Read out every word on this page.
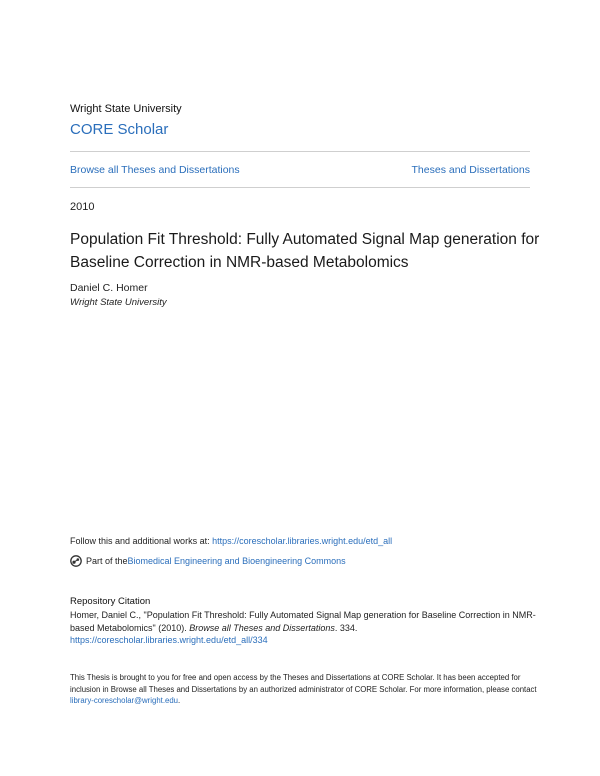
Wright State University
CORE Scholar
Browse all Theses and Dissertations	Theses and Dissertations
2010
Population Fit Threshold: Fully Automated Signal Map generation for Baseline Correction in NMR-based Metabolomics
Daniel C. Homer
Wright State University
Follow this and additional works at: https://corescholar.libraries.wright.edu/etd_all
Part of the Biomedical Engineering and Bioengineering Commons
Repository Citation
Homer, Daniel C., "Population Fit Threshold: Fully Automated Signal Map generation for Baseline Correction in NMR-based Metabolomics" (2010). Browse all Theses and Dissertations. 334.
https://corescholar.libraries.wright.edu/etd_all/334
This Thesis is brought to you for free and open access by the Theses and Dissertations at CORE Scholar. It has been accepted for inclusion in Browse all Theses and Dissertations by an authorized administrator of CORE Scholar. For more information, please contact library-corescholar@wright.edu.
